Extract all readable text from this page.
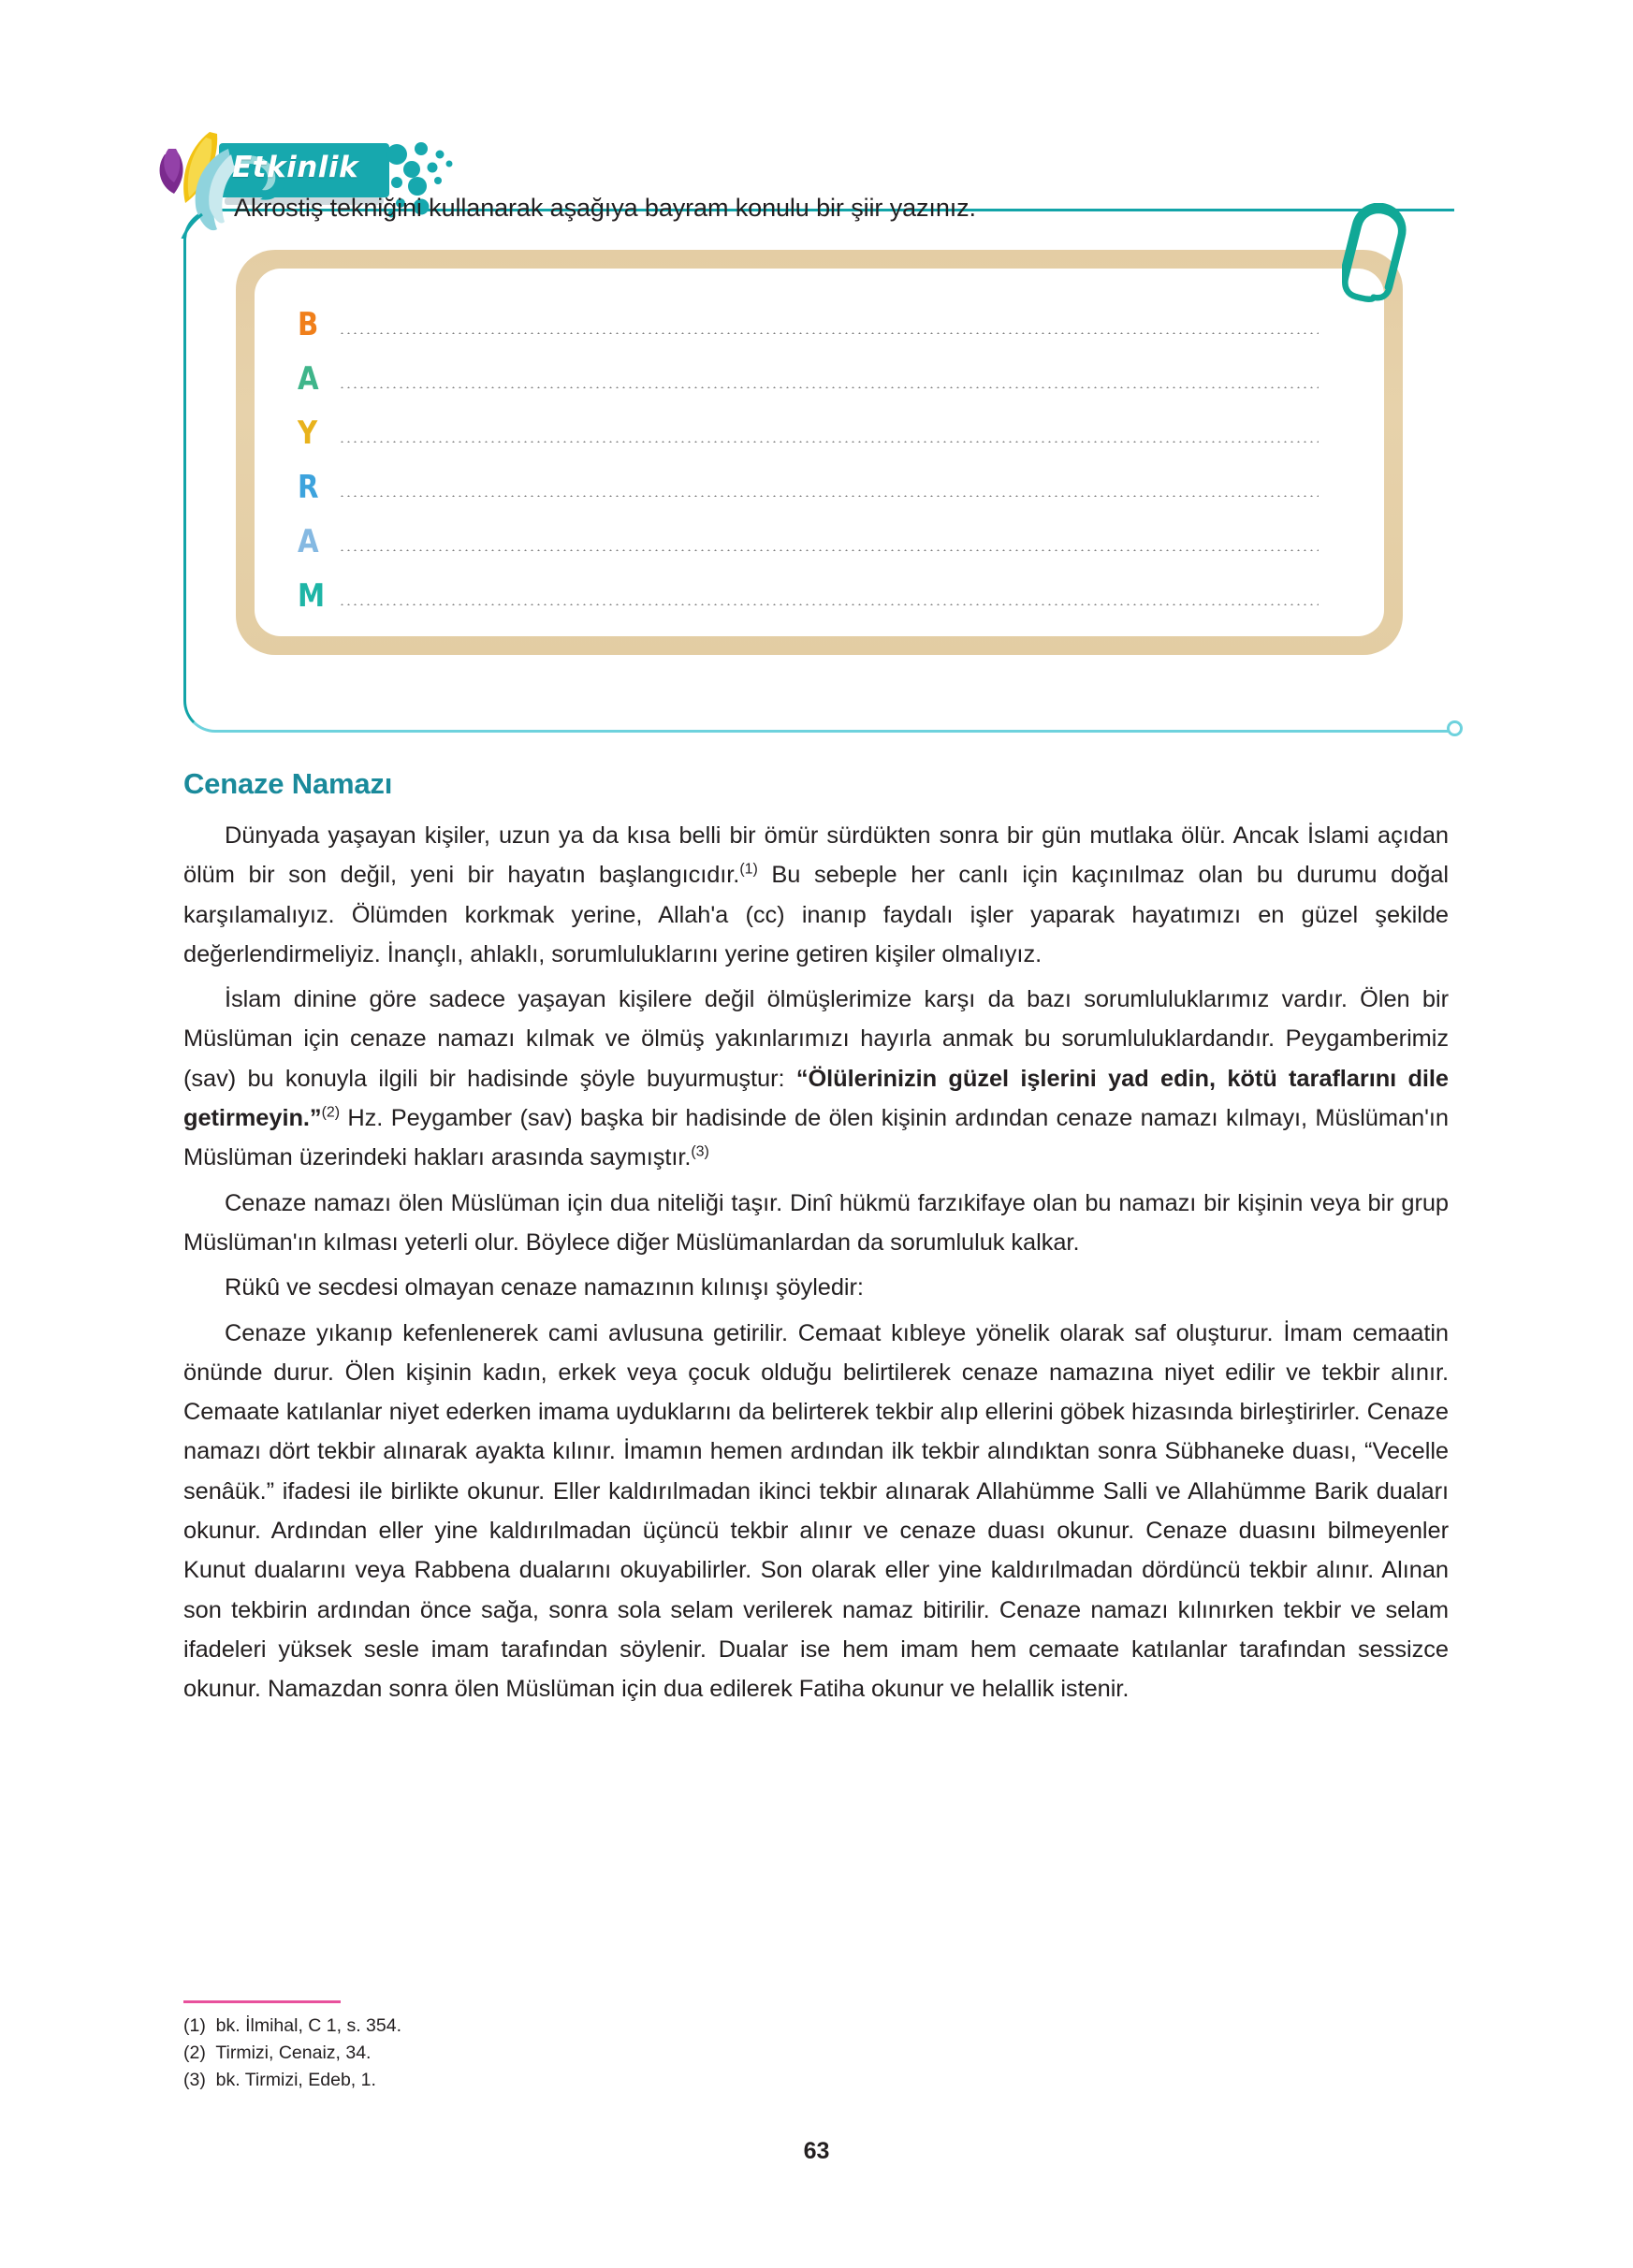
Etkinlik
Akrostiş tekniğini kullanarak aşağıya bayram konulu bir şiir yazınız.
B
A
Y
R
A
M
Cenaze Namazı

Dünyada yaşayan kişiler, uzun ya da kısa belli bir ömür sürdükten sonra bir gün mutlaka ölür. Ancak İslami açıdan ölüm bir son değil, yeni bir hayatın başlangıcıdır.$^{(1)}$ Bu sebeple her canlı için kaçınılmaz olan bu durumu doğal karşılamalıyız. Ölümden korkmak yerine, Allah'a (cc) inanıp faydalı işler yaparak hayatımızı en güzel şekilde değerlendirmeliyiz. İnançlı, ahlaklı, sorumluluklarını yerine getiren kişiler olmalıyız.

İslam dinine göre sadece yaşayan kişilere değil ölmüşlerimize karşı da bazı sorumluluklarımız vardır. Ölen bir Müslüman için cenaze namazı kılmak ve ölmüş yakınlarımızı hayırla anmak bu sorumluluklardandır. Peygamberimiz (sav) bu konuyla ilgili bir hadisinde şöyle buyurmuştur: “Ölülerinizin güzel işlerini yad edin, kötü taraflarını dile getirmeyin.”$^{(2)}$ Hz. Peygamber (sav) başka bir hadisinde de ölen kişinin ardından cenaze namazı kılmayı, Müslüman'ın Müslüman üzerindeki hakları arasında saymıştır.$^{(3)}$

Cenaze namazı ölen Müslüman için dua niteliği taşır. Dinî hükmü farzıkifaye olan bu namazı bir kişinin veya bir grup Müslüman'ın kılması yeterli olur. Böylece diğer Müslümanlardan da sorumluluk kalkar.

Rükû ve secdesi olmayan cenaze namazının kılınışı şöyledir:

Cenaze yıkanıp kefenlenerek cami avlusuna getirilir. Cemaat kıbleye yönelik olarak saf oluşturur. İmam cemaatin önünde durur. Ölen kişinin kadın, erkek veya çocuk olduğu belirtilerek cenaze namazına niyet edilir ve tekbir alınır. Cemaate katılanlar niyet ederken imama uyduklarını da belirterek tekbir alıp ellerini göbek hizasında birleştirirler. Cenaze namazı dört tekbir alınarak ayakta kılınır. İmamın hemen ardından ilk tekbir alındıktan sonra Sübhaneke duası, “Vecelle senâük.” ifadesi ile birlikte okunur. Eller kaldırılmadan ikinci tekbir alınarak Allahümme Salli ve Allahümme Barik duaları okunur. Ardından eller yine kaldırılmadan üçüncü tekbir alınır ve cenaze duası okunur. Cenaze duasını bilmeyenler Kunut dualarını veya Rabbena dualarını okuyabilirler. Son olarak eller yine kaldırılmadan dördüncü tekbir alınır. Alınan son tekbirin ardından önce sağa, sonra sola selam verilerek namaz bitirilir. Cenaze namazı kılınırken tekbir ve selam ifadeleri yüksek sesle imam tarafından söylenir. Dualar ise hem imam hem cemaate katılanlar tarafından sessizce okunur. Namazdan sonra ölen Müslüman için dua edilerek Fatiha okunur ve helallik istenir.

(1)  bk. İlmihal, C 1, s. 354.
(2)  Tirmizi, Cenaiz, 34.
(3)  bk. Tirmizi, Edeb, 1.
63
